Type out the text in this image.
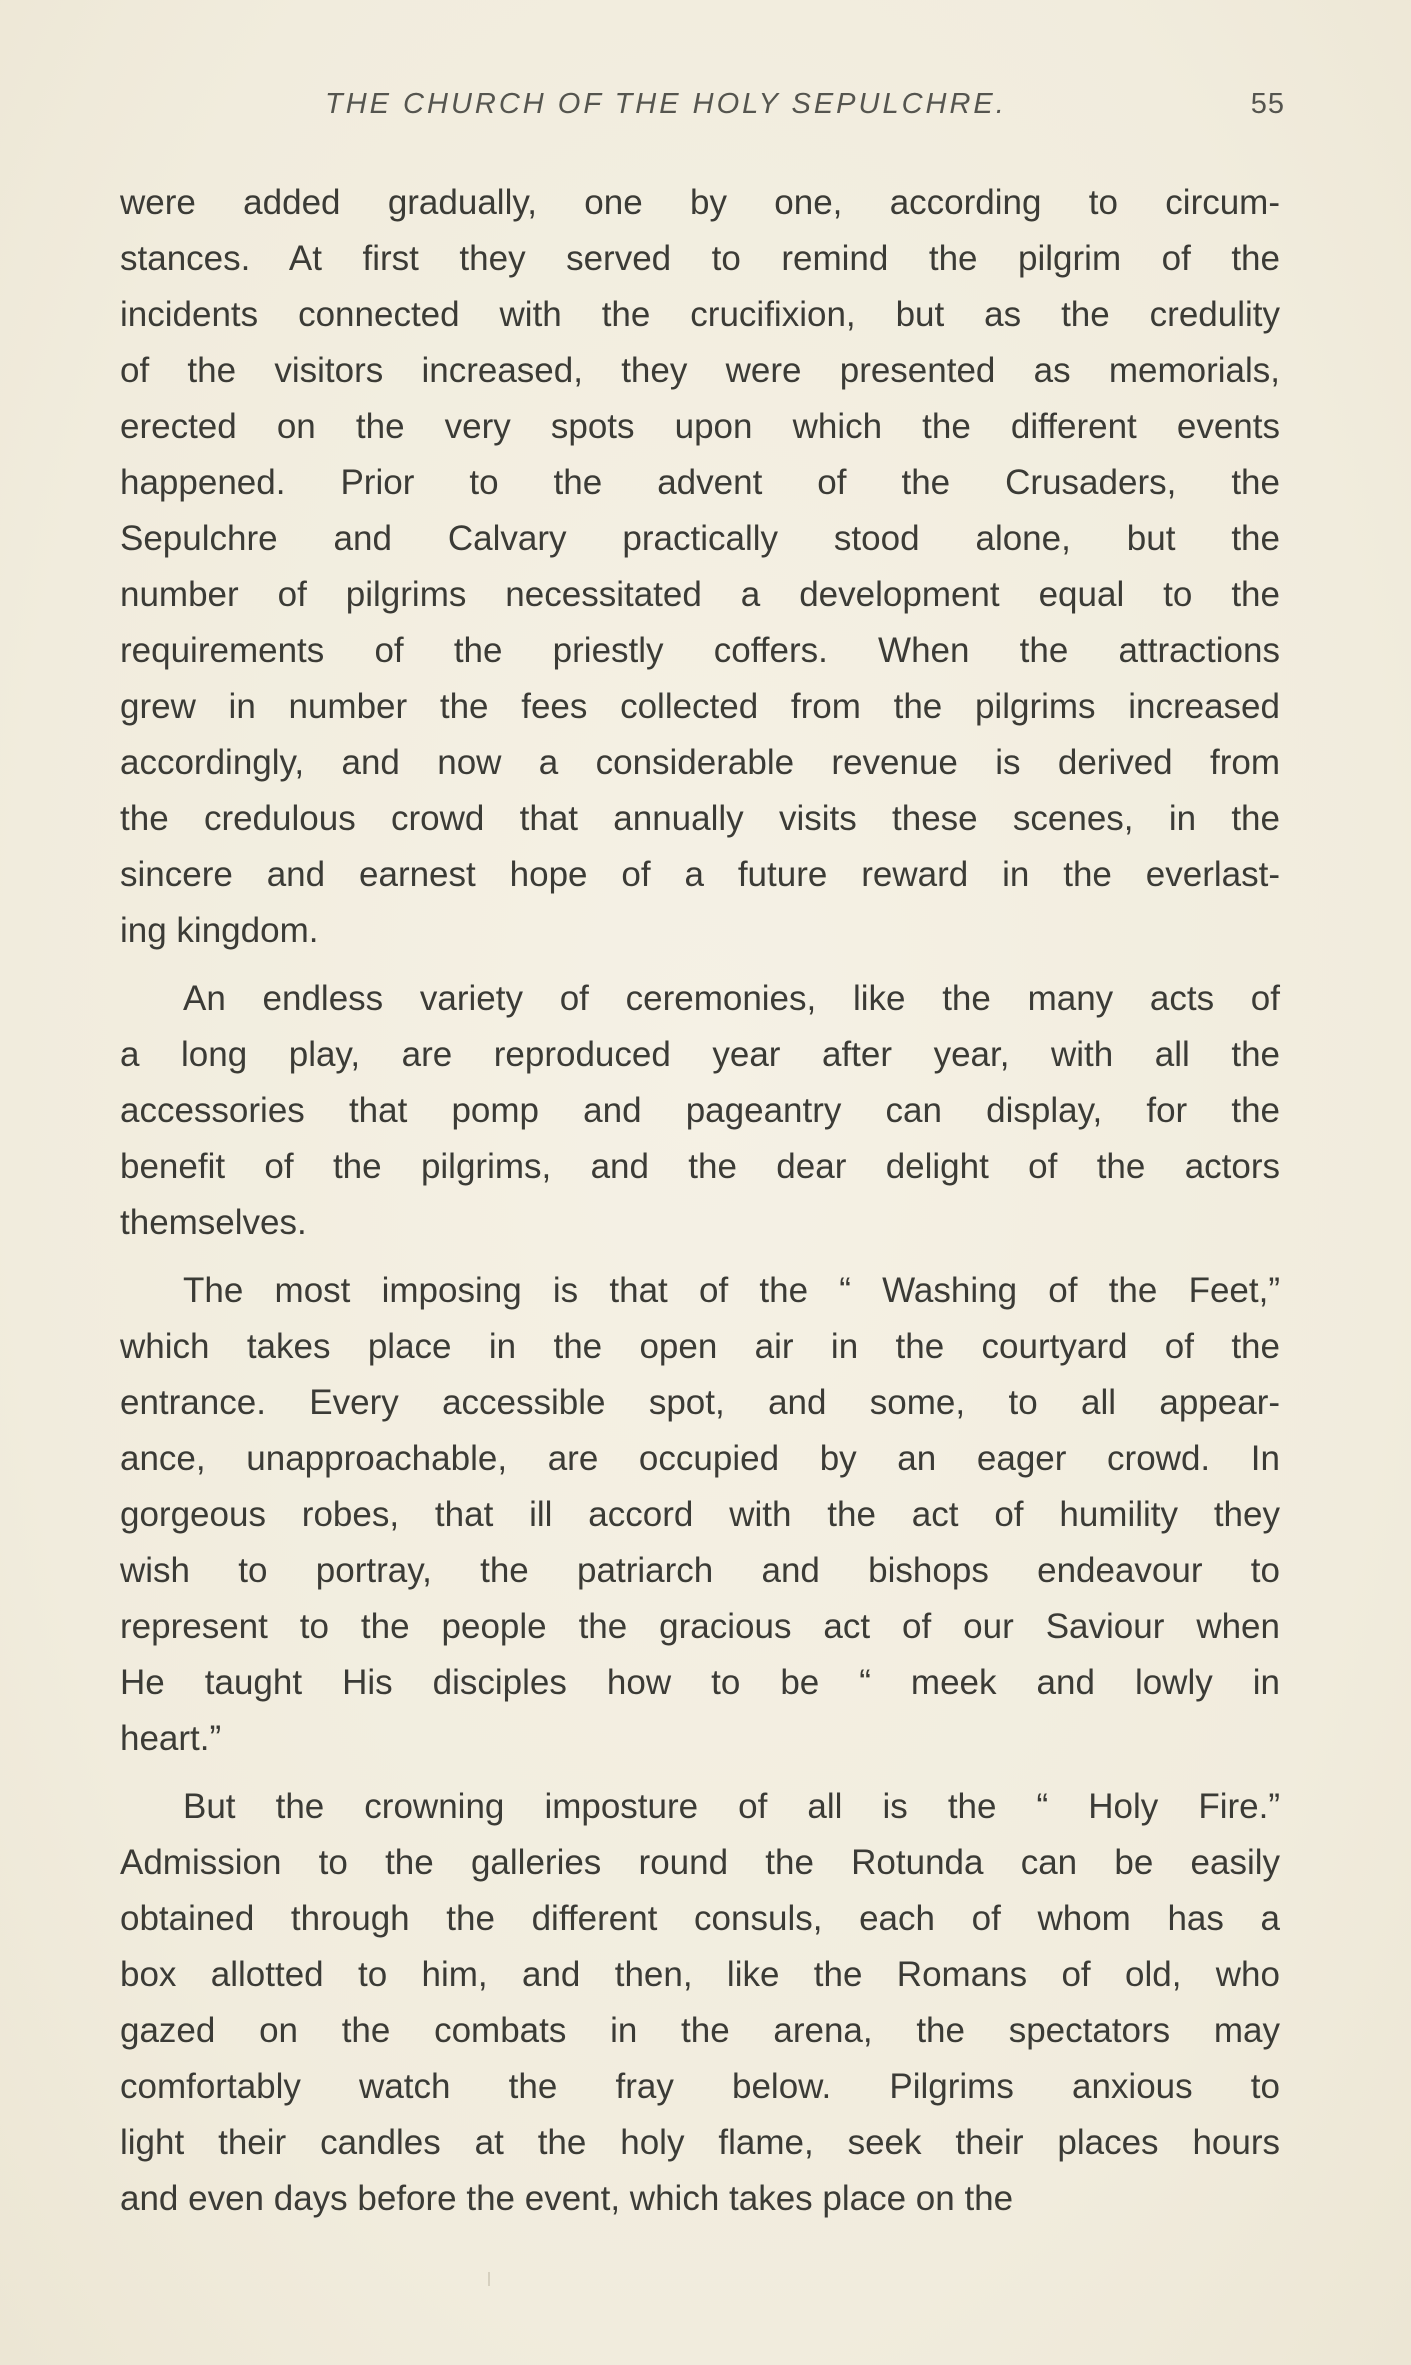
THE CHURCH OF THE HOLY SEPULCHRE.	55

were added gradually, one by one, according to circum-
stances. At first they served to remind the pilgrim of the
incidents connected with the crucifixion, but as the credulity
of the visitors increased, they were presented as memorials,
erected on the very spots upon which the different events
happened. Prior to the advent of the Crusaders, the
Sepulchre and Calvary practically stood alone, but the
number of pilgrims necessitated a development equal to the
requirements of the priestly coffers. When the attractions
grew in number the fees collected from the pilgrims increased
accordingly, and now a considerable revenue is derived from
the credulous crowd that annually visits these scenes, in the
sincere and earnest hope of a future reward in the everlast-
ing kingdom.

An endless variety of ceremonies, like the many acts of
a long play, are reproduced year after year, with all the
accessories that pomp and pageantry can display, for the
benefit of the pilgrims, and the dear delight of the actors
themselves.

The most imposing is that of the “ Washing of the Feet,”
which takes place in the open air in the courtyard of the
entrance. Every accessible spot, and some, to all appear-
ance, unapproachable, are occupied by an eager crowd. In
gorgeous robes, that ill accord with the act of humility they
wish to portray, the patriarch and bishops endeavour to
represent to the people the gracious act of our Saviour when
He taught His disciples how to be “ meek and lowly in
heart.”

But the crowning imposture of all is the “ Holy Fire.”
Admission to the galleries round the Rotunda can be easily
obtained through the different consuls, each of whom has a
box allotted to him, and then, like the Romans of old, who
gazed on the combats in the arena, the spectators may
comfortably watch the fray below. Pilgrims anxious to
light their candles at the holy flame, seek their places hours
and even days before the event, which takes place on the
